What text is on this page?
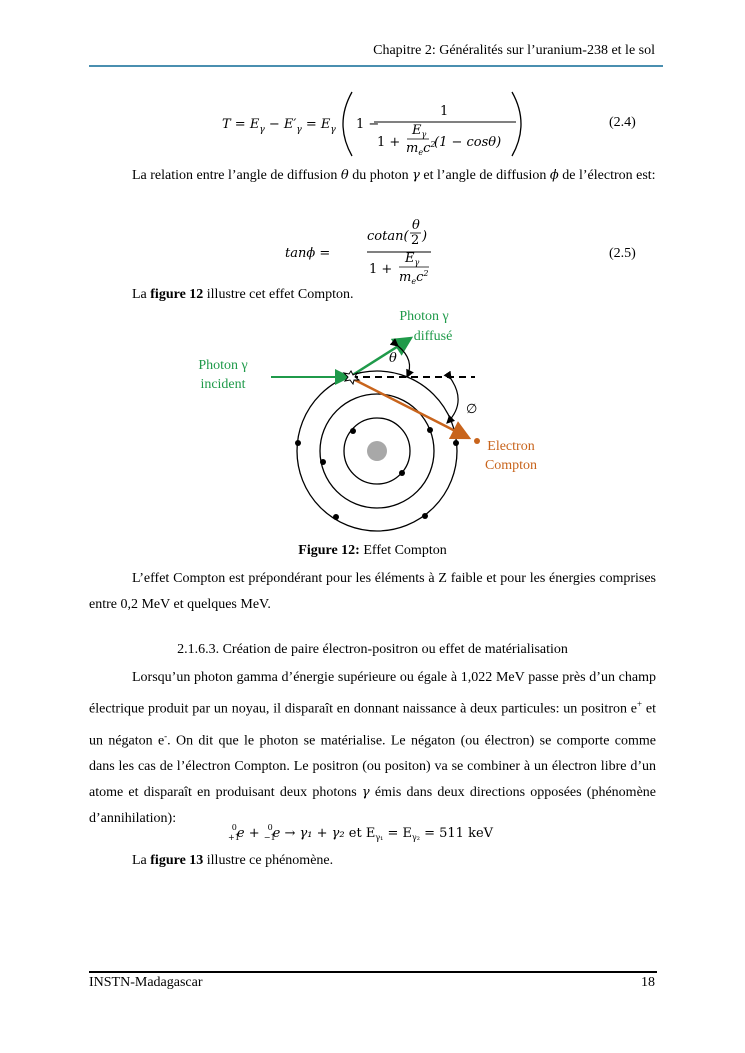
Chapitre 2: Généralités sur l’uranium-238 et le sol
$T = E_\gamma - E'_\gamma = E_\gamma$ 1 −
1
1 +
$E_\gamma$
$m_ec^2$
(1 − cosθ)
(2.4)
La relation entre l’angle de diffusion θ du photon γ et l’angle de diffusion ϕ de l’électron est:
tanϕ =
cotan(
θ
2 )
1 +
$E_\gamma$
$m_ec^2$
(2.5)
La figure 12 illustre cet effet Compton.
Photon γ
diffusé
Photon γ
incident
θ
∅
Electron
Compton
Figure 12: Effet Compton
L’effet Compton est prépondérant pour les éléments à Z faible et pour les énergies comprises entre 0,2 MeV et quelques MeV.
2.1.6.3. Création de paire électron-positron ou effet de matérialisation
Lorsqu’un photon gamma d’énergie supérieure ou égale à 1,022 MeV passe près d’un champ électrique produit par un noyau, il disparaît en donnant naissance à deux particules: un positron e+ et un négaton e-. On dit que le photon se matérialise. Le négaton (ou électron) se comporte comme dans les cas de l’électron Compton. Le positron (ou positon) va se combiner à un électron libre d’un atome et disparaît en produisant deux photons γ émis dans deux directions opposées (phénomène d’annihilation):
$_{+1}$0e + $_{-1}$0e → γ₁ + γ₂ et $E_{\gamma_1} = E_{\gamma_2} = 511$ keV
La figure 13 illustre ce phénomène.
INSTN-Madagascar	18
